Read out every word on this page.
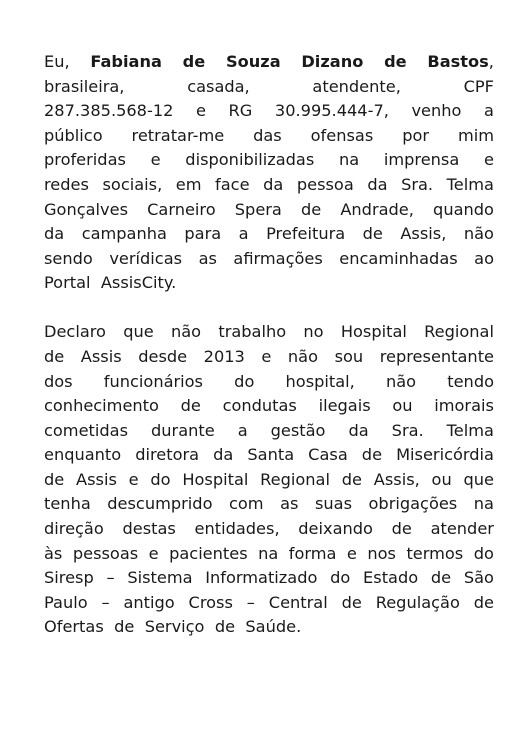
Eu, Fabiana de Souza Dizano de Bastos,
brasileira,	casada,	atendente,	CPF
287.385.568-12 e RG 30.995.444-7, venho a
público retratar-me das ofensas por mim
proferidas e disponibilizadas na imprensa e
redes sociais, em face da pessoa da Sra. Telma
Gonçalves Carneiro Spera de Andrade, quando
da campanha para a Prefeitura de Assis, não
sendo verídicas as afirmações encaminhadas ao
Portal AssisCity.
Declaro que não trabalho no Hospital Regional
de Assis desde 2013 e não sou representante
dos funcionários do hospital, não tendo
conhecimento de condutas ilegais ou imorais
cometidas durante a gestão da Sra. Telma
enquanto diretora da Santa Casa de Misericórdia
de Assis e do Hospital Regional de Assis, ou que
tenha descumprido com as suas obrigações na
direção destas entidades, deixando de atender
às pessoas e pacientes na forma e nos termos do
Siresp – Sistema Informatizado do Estado de São
Paulo – antigo Cross – Central de Regulação de
Ofertas de Serviço de Saúde.
